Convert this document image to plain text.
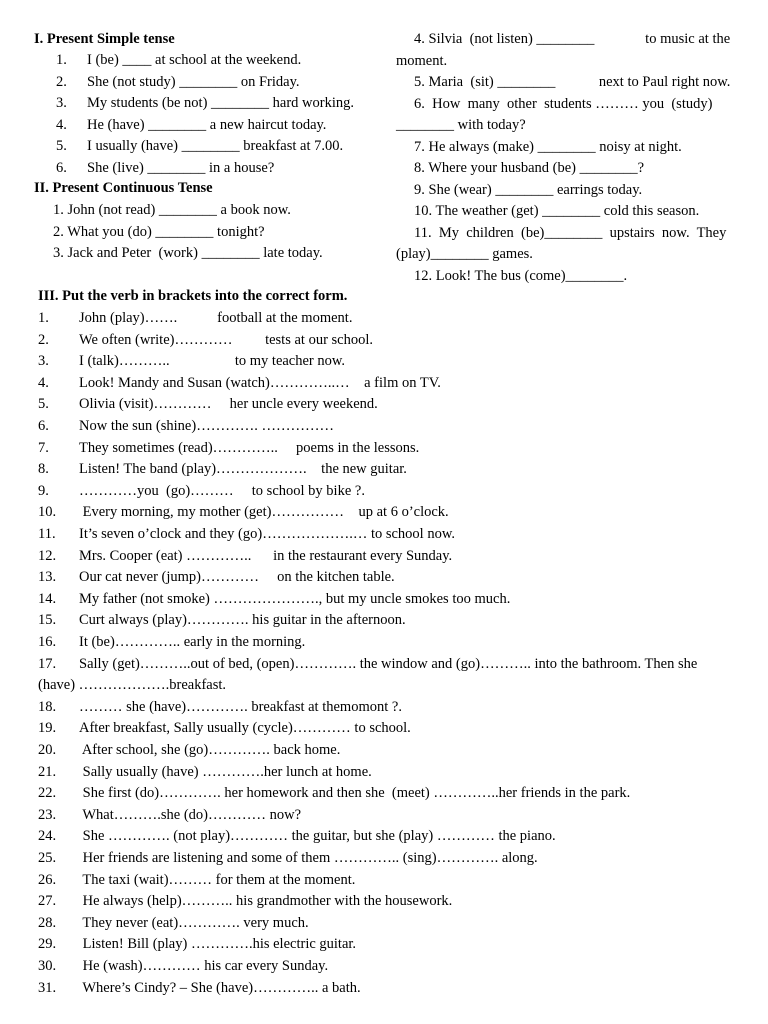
I. Present Simple tense
1. I (be) ____ at school at the weekend.
2. She (not study) ________ on Friday.
3. My students (be not) ________ hard working.
4. He (have) ________ a new haircut today.
5. I usually (have) ________ breakfast at 7.00.
6. She (live) ________ in a house?
II. Present Continuous Tense
1. John (not read) ________ a book now.
2. What you (do) ________ tonight?
3. Jack and Peter  (work) ________ late today.
4. Silvia  (not listen) ________              to music at the
moment.
5. Maria  (sit) ________            next to Paul right now.
6.  How  many  other  students ……… you  (study)
________ with today?
7. He always (make) ________ noisy at night.
8. Where your husband (be) ________?
9. She (wear) ________ earrings today.
10. The weather (get) ________ cold this season.
11.  My  children  (be)________  upstairs  now.  They
(play)________ games.
12. Look! The bus (come)________.
III. Put the verb in brackets into the correct form.
1. John (play)…….           football at the moment.
2. We often (write)…………         tests at our school.
3. I (talk)………..                  to my teacher now.
4. Look! Mandy and Susan (watch)…………..…    a film on TV.
5. Olivia (visit)…………     her uncle every weekend.
6. Now the sun (shine)…………. ……………
7. They sometimes (read)…………..     poems in the lessons.
8. Listen! The band (play)……………….    the new guitar.
9. …………you  (go)………     to school by bike ?.
10. Every morning, my mother (get)……………    up at 6 o’clock.
11. It’s seven o’clock and they (go)……………….… to school now.
12. Mrs. Cooper (eat) …………..      in the restaurant every Sunday.
13. Our cat never (jump)…………     on the kitchen table.
14. My father (not smoke) …………………., but my uncle smokes too much.
15. Curt always (play)…………. his guitar in the afternoon.
16. It (be)………….. early in the morning.
17. Sally (get)………..out of bed, (open)…………. the window and (go)……….. into the bathroom. Then she
(have) ……………….breakfast.
18. ……… she (have)…………. breakfast at themomont ?.
19. After breakfast, Sally usually (cycle)………… to school.
20. After school, she (go)…………. back home.
21. Sally usually (have) ………….her lunch at home.
22. She first (do)…………. her homework and then she  (meet) …………..her friends in the park.
23. What……….she (do)………… now?
24. She …………. (not play)………… the guitar, but she (play) ………… the piano.
25. Her friends are listening and some of them ………….. (sing)…………. along.
26. The taxi (wait)……… for them at the moment.
27. He always (help)……….. his grandmother with the housework.
28. They never (eat)…………. very much.
29. Listen! Bill (play) ………….his electric guitar.
30. He (wash)………… his car every Sunday.
31. Where’s Cindy? – She (have)………….. a bath.
